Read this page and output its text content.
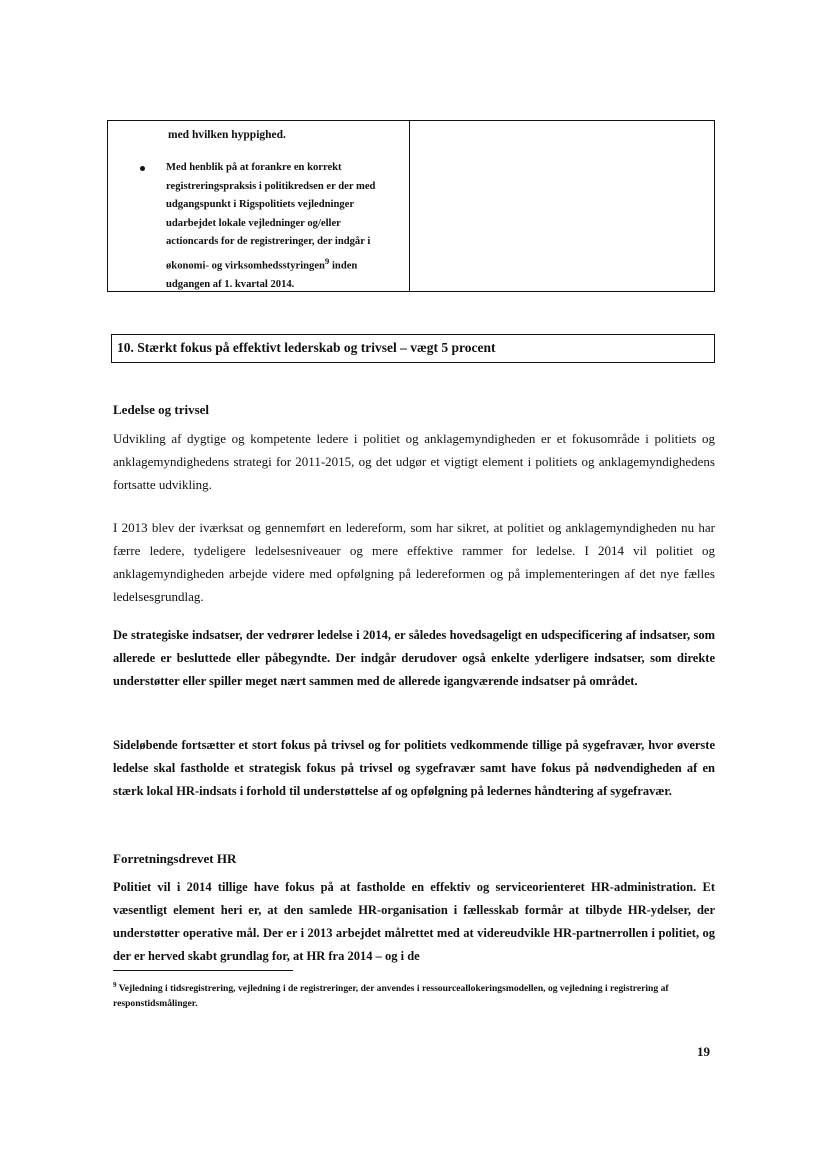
med hvilken hyppighed.
Med henblik på at forankre en korrekt registreringspraksis i politikredsen er der med udgangspunkt i Rigspolitiets vejledninger udarbejdet lokale vejledninger og/eller actioncards for de registreringer, der indgår i økonomi- og virksomhedsstyringen$^9$ inden udgangen af 1. kvartal 2014.
10. Stærkt fokus på effektivt lederskab og trivsel – vægt 5 procent
Ledelse og trivsel
Udvikling af dygtige og kompetente ledere i politiet og anklagemyndigheden er et fokusområde i politiets og anklagemyndighedens strategi for 2011-2015, og det udgør et vigtigt element i politiets og anklagemyndighedens fortsatte udvikling.
I 2013 blev der iværksat og gennemført en ledereform, som har sikret, at politiet og anklagemyndigheden nu har færre ledere, tydeligere ledelsesniveauer og mere effektive rammer for ledelse. I 2014 vil politiet og anklagemyndigheden arbejde videre med opfølgning på ledereformen og på implementeringen af det nye fælles ledelsesgrundlag.
De strategiske indsatser, der vedrører ledelse i 2014, er således hovedsageligt en udspecificering af indsatser, som allerede er besluttede eller påbegyndte. Der indgår derudover også enkelte yderligere indsatser, som direkte understøtter eller spiller meget nært sammen med de allerede igangværende indsatser på området.
Sideløbende fortsætter et stort fokus på trivsel og for politiets vedkommende tillige på sygefravær, hvor øverste ledelse skal fastholde et strategisk fokus på trivsel og sygefravær samt have fokus på nødvendigheden af en stærk lokal HR-indsats i forhold til understøttelse af og opfølgning på ledernes håndtering af sygefravær.
Forretningsdrevet HR
Politiet vil i 2014 tillige have fokus på at fastholde en effektiv og serviceorienteret HR-administration. Et væsentligt element heri er, at den samlede HR-organisation i fællesskab formår at tilbyde HR-ydelser, der understøtter operative mål. Der er i 2013 arbejdet målrettet med at videreudvikle HR-partnerrollen i politiet, og der er herved skabt grundlag for, at HR fra 2014 – og i de
$^9$ Vejledning i tidsregistrering, vejledning i de registreringer, der anvendes i ressourceallokeringsmodellen, og vejledning i registrering af responstidsmålinger.
19
